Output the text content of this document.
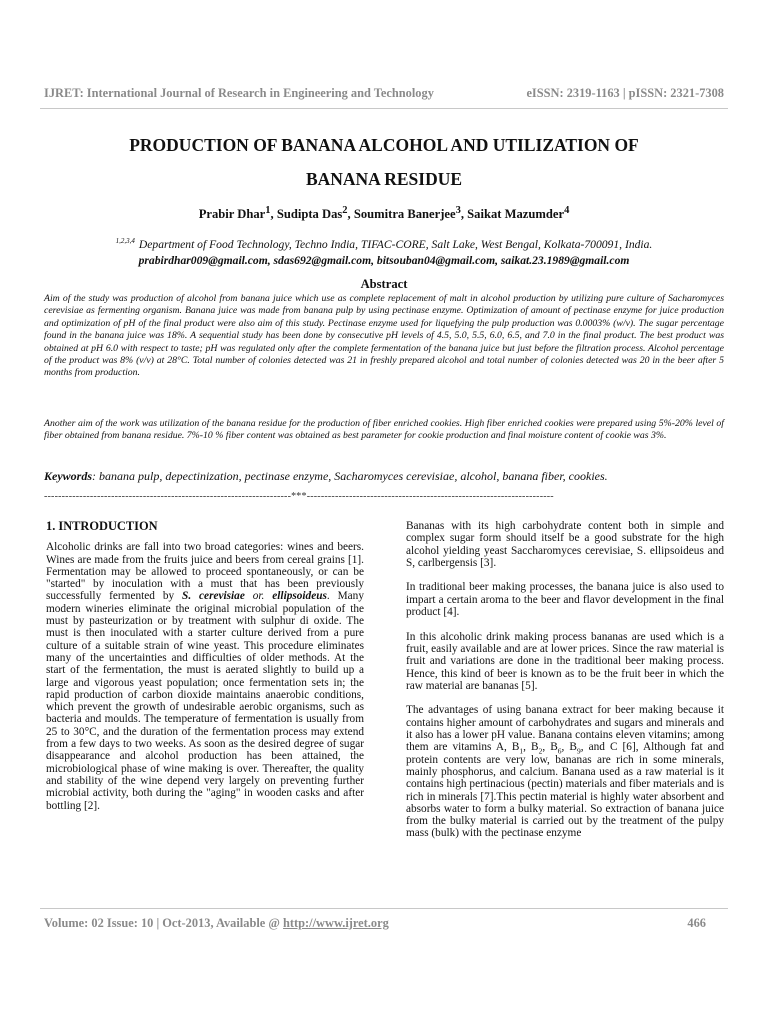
IJRET: International Journal of Research in Engineering and Technology	eISSN: 2319-1163 | pISSN: 2321-7308
PRODUCTION OF BANANA ALCOHOL AND UTILIZATION OF
BANANA RESIDUE
Prabir Dhar$^1$, Sudipta Das$^2$, Soumitra Banerjee$^3$, Saikat Mazumder$^4$
$^{1,2,3,4}$ Department of Food Technology, Techno India, TIFAC-CORE, Salt Lake, West Bengal, Kolkata-700091, India.
prabirdhar009@gmail.com, sdas692@gmail.com, bitsouban04@gmail.com, saikat.23.1989@gmail.com
Abstract

Aim of the study was production of alcohol from banana juice which use as complete replacement of malt in alcohol production by utilizing pure culture of Sacharomyces cerevisiae as fermenting organism. Banana juice was made from banana pulp by using pectinase enzyme. Optimization of amount of pectinase enzyme for juice production and optimization of pH of the final product were also aim of this study. Pectinase enzyme used for liquefying the pulp production was 0.0003% (w/v). The sugar percentage found in the banana juice was 18%. A sequential study has been done by consecutive pH levels of 4.5, 5.0, 5.5, 6.0, 6.5, and 7.0 in the final product. The best product was obtained at pH 6.0 with respect to taste; pH was regulated only after the complete fermentation of the banana juice but just before the filtration process. Alcohol percentage of the product was 8% (v/v) at 28°C. Total number of colonies detected was 21 in freshly prepared alcohol and total number of colonies detected was 20 in the beer after 5 months from production.

Another aim of the work was utilization of the banana residue for the production of fiber enriched cookies. High fiber enriched cookies were prepared using 5%-20% level of fiber obtained from banana residue. 7%-10 % fiber content was obtained as best parameter for cookie production and final moisture content of cookie was 3%.

Keywords: banana pulp, depectinization, pectinase enzyme, Sacharomyces cerevisiae, alcohol, banana fiber, cookies.

----------------------------------------------------------------------***----------------------------------------------------------------------
1. INTRODUCTION

Alcoholic drinks are fall into two broad categories: wines and beers. Wines are made from the fruits juice and beers from cereal grains [1]. Fermentation may be allowed to proceed spontaneously, or can be "started" by inoculation with a must that has been previously successfully fermented by S. cerevisiae or. ellipsoideus. Many modern wineries eliminate the original microbial population of the must by pasteurization or by treatment with sulphur di oxide. The must is then inoculated with a starter culture derived from a pure culture of a suitable strain of wine yeast. This procedure eliminates many of the uncertainties and difficulties of older methods. At the start of the fermentation, the must is aerated slightly to build up a large and vigorous yeast population; once fermentation sets in; the rapid production of carbon dioxide maintains anaerobic conditions, which prevent the growth of undesirable aerobic organisms, such as bacteria and moulds. The temperature of fermentation is usually from 25 to 30°C, and the duration of the fermentation process may extend from a few days to two weeks. As soon as the desired degree of sugar disappearance and alcohol production has been attained, the microbiological phase of wine making is over. Thereafter, the quality and stability of the wine depend very largely on preventing further microbial activity, both during the "aging" in wooden casks and after bottling [2].

Bananas with its high carbohydrate content both in simple and complex sugar form should itself be a good substrate for the high alcohol yielding yeast Saccharomyces cerevisiae, S. ellipsoideus and S, carlbergensis [3].

In traditional beer making processes, the banana juice is also used to impart a certain aroma to the beer and flavor development in the final product [4].

In this alcoholic drink making process bananas are used which is a fruit, easily available and are at lower prices. Since the raw material is fruit and variations are done in the traditional beer making process. Hence, this kind of beer is known as to be the fruit beer in which the raw material are bananas [5].

The advantages of using banana extract for beer making because it contains higher amount of carbohydrates and sugars and minerals and it also has a lower pH value. Banana contains eleven vitamins; among them are vitamins A, $B_1$, $B_2$, $B_6$, $B_9$, and C [6], Although fat and protein contents are very low, bananas are rich in some minerals, mainly phosphorus, and calcium. Banana used as a raw material is it contains high pertinacious (pectin) materials and fiber materials and is rich in minerals [7].This pectin material is highly water absorbent and absorbs water to form a bulky material. So extraction of banana juice from the bulky material is carried out by the treatment of the pulpy mass (bulk) with the pectinase enzyme

Volume: 02 Issue: 10 | Oct-2013, Available @ http://www.ijret.org	466
